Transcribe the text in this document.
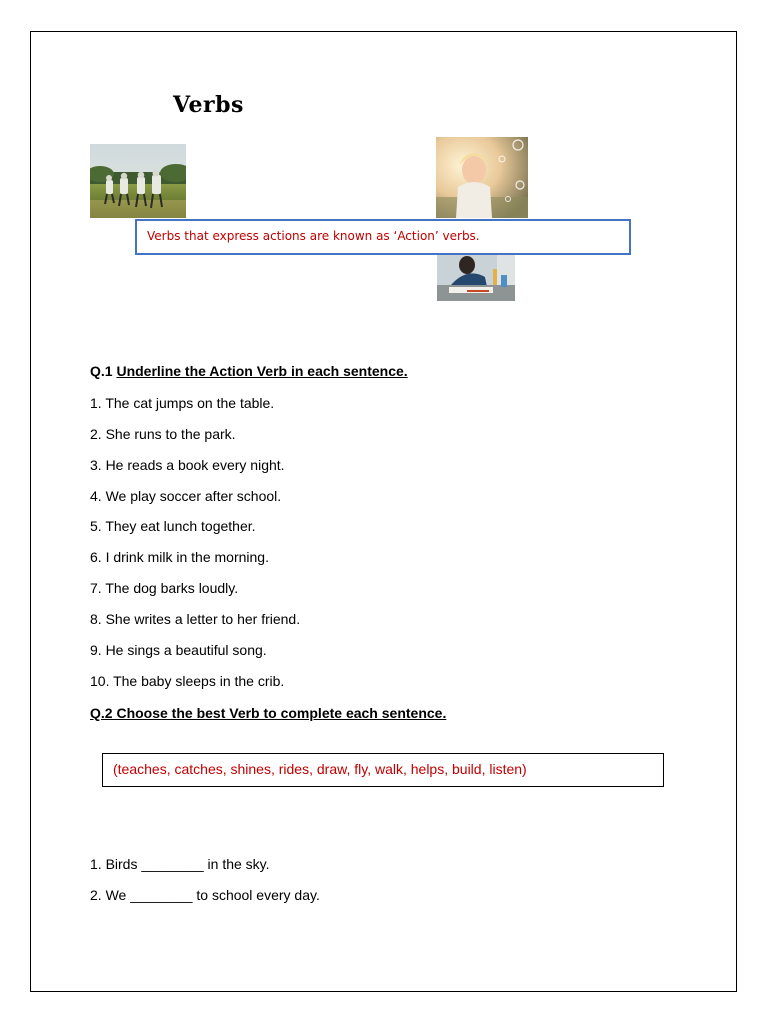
Verbs
Verbs that express actions are known as ‘Action’ verbs.
Q.1 Underline the Action Verb in each sentence.
1. The cat jumps on the table.
2. She runs to the park.
3. He reads a book every night.
4. We play soccer after school.
5. They eat lunch together.
6. I drink milk in the morning.
7. The dog barks loudly.
8. She writes a letter to her friend.
9. He sings a beautiful song.
10. The baby sleeps in the crib.
Q.2 Choose the best Verb to complete each sentence.
(teaches, catches, shines, rides, draw, fly, walk, helps, build, listen)
1. Birds ________ in the sky.
2. We ________ to school every day.
